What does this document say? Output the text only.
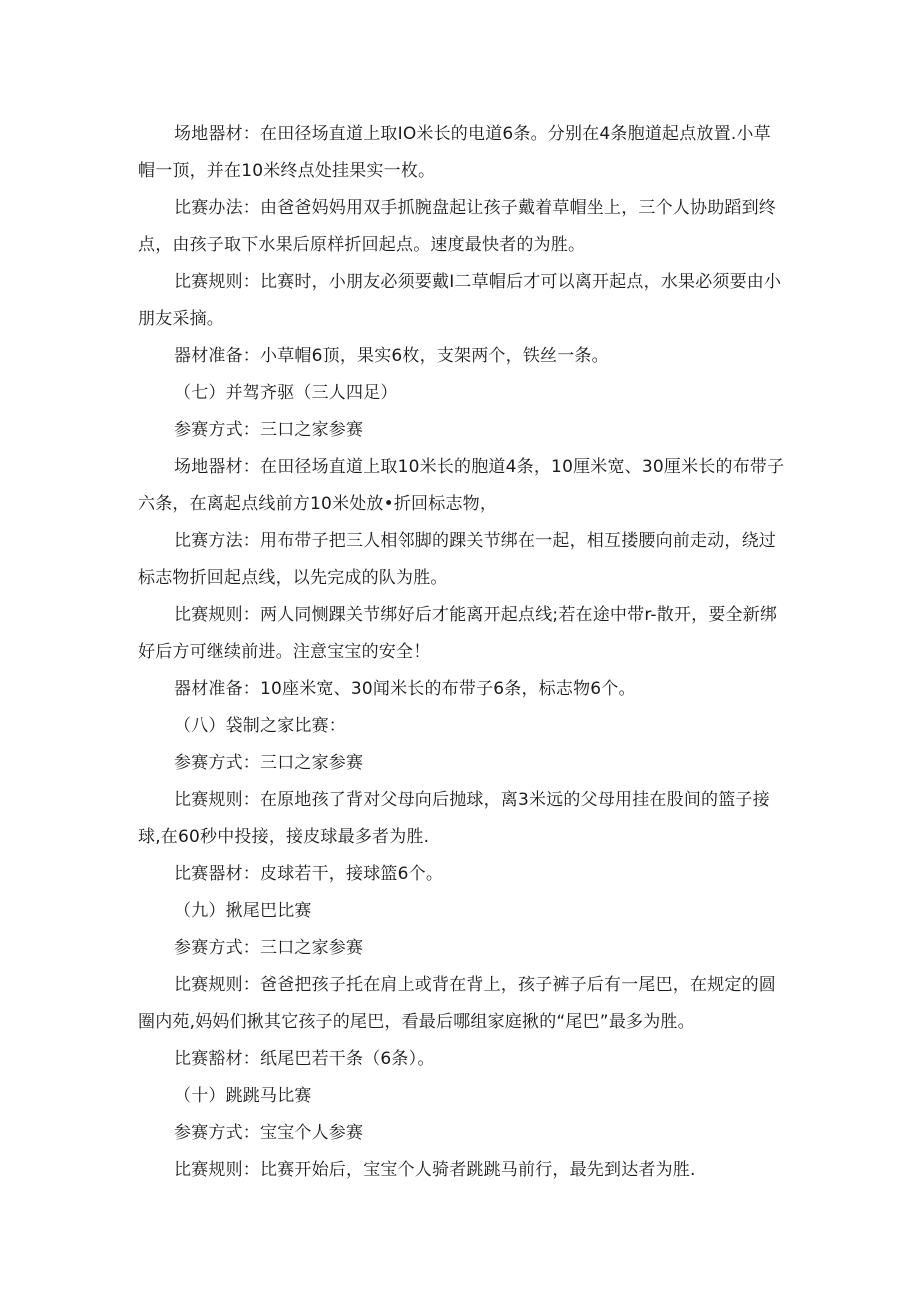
场地器材：在田径场直道上取IO米长的电道6条。分别在4条胞道起点放置.小草帽一顶，并在10米终点处挂果实一枚。

比赛办法：由爸爸妈妈用双手抓腕盘起让孩子戴着草帽坐上，三个人协助蹈到终点，由孩子取下水果后原样折回起点。速度最快者的为胜。

比赛规则：比赛时，小朋友必须要戴I二草帽后才可以离开起点，水果必须要由小朋友采摘。

器材准备：小草帽6顶，果实6枚，支架两个，铁丝一条。

（七）并驾齐驱（三人四足）

参赛方式：三口之家参赛

场地器材：在田径场直道上取10米长的胞道4条，10厘米宽、30厘米长的布带子六条，在离起点线前方10米处放•折回标志物，

比赛方法：用布带子把三人相邻脚的踝关节绑在一起，相互搂腰向前走动，绕过标志物折回起点线，以先完成的队为胜。

比赛规则：两人同恻踝关节绑好后才能离开起点线;若在途中带r-散开，要全新绑好后方可继续前进。注意宝宝的安全！

器材准备：10座米宽、30闻米长的布带子6条，标志物6个。

（八）袋制之家比赛：

参赛方式：三口之家参赛

比赛规则：在原地孩了背对父母向后抛球，离3米远的父母用挂在股间的篮子接球,在60秒中投接，接皮球最多者为胜.

比赛器材：皮球若干，接球篮6个。

（九）揪尾巴比赛

参赛方式：三口之家参赛

比赛规则：爸爸把孩子托在肩上或背在背上，孩子裤子后有一尾巴，在规定的圆圈内苑,妈妈们揪其它孩子的尾巴，看最后哪组家庭揪的“尾巴”最多为胜。

比赛豁材：纸尾巴若干条（6条）。

（十）跳跳马比赛

参赛方式：宝宝个人参赛

比赛规则：比赛开始后，宝宝个人骑者跳跳马前行，最先到达者为胜.
